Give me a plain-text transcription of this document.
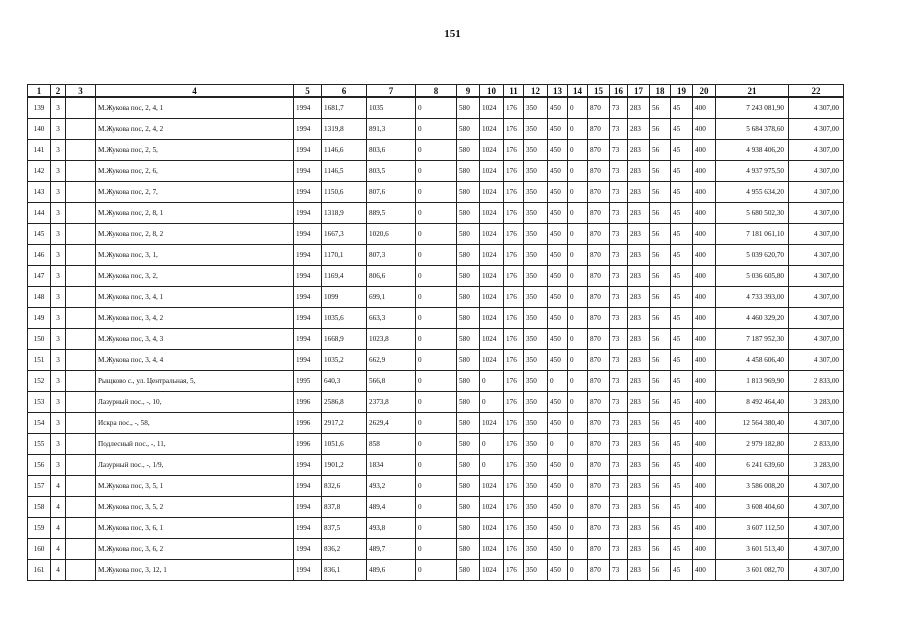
151
1	2	3	4	5	6	7	8	9	10	11	12	13	14	15	16	17	18	19	20	21	22
139	3		М.Жукова пос, 2, 4, 1	1994	1681,7	1035	0	580	1024	176	350	450	0	870	73	283	56	45	400	7 243 081,90	4 307,00
140	3		М.Жукова пос, 2, 4, 2	1994	1319,8	891,3	0	580	1024	176	350	450	0	870	73	283	56	45	400	5 684 378,60	4 307,00
141	3		М.Жукова пос, 2, 5,	1994	1146,6	803,6	0	580	1024	176	350	450	0	870	73	283	56	45	400	4 938 406,20	4 307,00
142	3		М.Жукова пос, 2, 6,	1994	1146,5	803,5	0	580	1024	176	350	450	0	870	73	283	56	45	400	4 937 975,50	4 307,00
143	3		М.Жукова пос, 2, 7,	1994	1150,6	807,6	0	580	1024	176	350	450	0	870	73	283	56	45	400	4 955 634,20	4 307,00
144	3		М.Жукова пос, 2, 8, 1	1994	1318,9	889,5	0	580	1024	176	350	450	0	870	73	283	56	45	400	5 680 502,30	4 307,00
145	3		М.Жукова пос, 2, 8, 2	1994	1667,3	1020,6	0	580	1024	176	350	450	0	870	73	283	56	45	400	7 181 061,10	4 307,00
146	3		М.Жукова пос, 3, 1,	1994	1170,1	807,3	0	580	1024	176	350	450	0	870	73	283	56	45	400	5 039 620,70	4 307,00
147	3		М.Жукова пос, 3, 2,	1994	1169,4	806,6	0	580	1024	176	350	450	0	870	73	283	56	45	400	5 036 605,80	4 307,00
148	3		М.Жукова пос, 3, 4, 1	1994	1099	699,1	0	580	1024	176	350	450	0	870	73	283	56	45	400	4 733 393,00	4 307,00
149	3		М.Жукова пос, 3, 4, 2	1994	1035,6	663,3	0	580	1024	176	350	450	0	870	73	283	56	45	400	4 460 329,20	4 307,00
150	3		М.Жукова пос, 3, 4, 3	1994	1668,9	1023,8	0	580	1024	176	350	450	0	870	73	283	56	45	400	7 187 952,30	4 307,00
151	3		М.Жукова пос, 3, 4, 4	1994	1035,2	662,9	0	580	1024	176	350	450	0	870	73	283	56	45	400	4 458 606,40	4 307,00
152	3		Рыщково с., ул. Центральная, 5,	1995	640,3	566,8	0	580	0	176	350	0	0	870	73	283	56	45	400	1 813 969,90	2 833,00
153	3		Лазурный пос., -, 10,	1996	2586,8	2373,8	0	580	0	176	350	450	0	870	73	283	56	45	400	8 492 464,40	3 283,00
154	3		Искра пос., -, 58,	1996	2917,2	2629,4	0	580	1024	176	350	450	0	870	73	283	56	45	400	12 564 380,40	4 307,00
155	3		Подлесный пос., -, 11,	1996	1051,6	858	0	580	0	176	350	0	0	870	73	283	56	45	400	2 979 182,80	2 833,00
156	3		Лазурный пос., -, 1/9,	1994	1901,2	1834	0	580	0	176	350	450	0	870	73	283	56	45	400	6 241 639,60	3 283,00
157	4		М.Жукова пос, 3, 5, 1	1994	832,6	493,2	0	580	1024	176	350	450	0	870	73	283	56	45	400	3 586 008,20	4 307,00
158	4		М.Жукова пос, 3, 5, 2	1994	837,8	489,4	0	580	1024	176	350	450	0	870	73	283	56	45	400	3 608 404,60	4 307,00
159	4		М.Жукова пос, 3, 6, 1	1994	837,5	493,8	0	580	1024	176	350	450	0	870	73	283	56	45	400	3 607 112,50	4 307,00
160	4		М.Жукова пос, 3, 6, 2	1994	836,2	489,7	0	580	1024	176	350	450	0	870	73	283	56	45	400	3 601 513,40	4 307,00
161	4		М.Жукова пос, 3, 12, 1	1994	836,1	489,6	0	580	1024	176	350	450	0	870	73	283	56	45	400	3 601 082,70	4 307,00
